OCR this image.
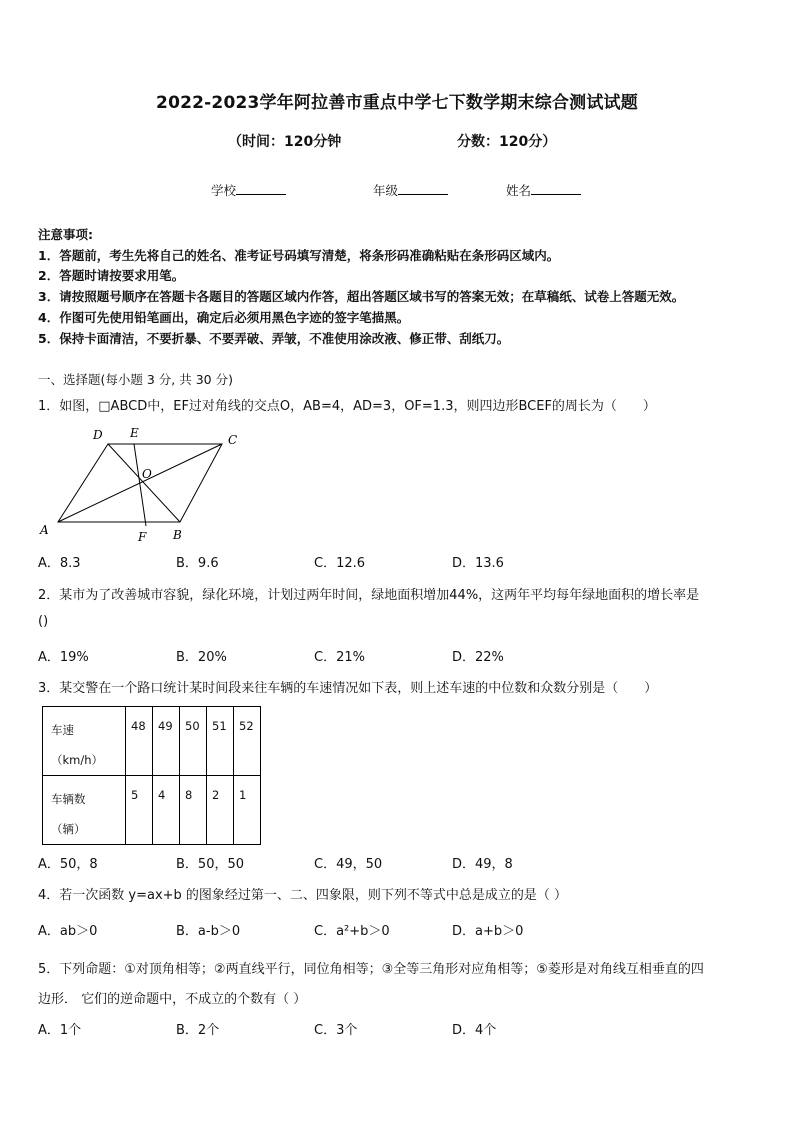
2022-2023学年阿拉善市重点中学七下数学期末综合测试试题
（时间：120分钟	分数：120分）
学校	年级	姓名
注意事项:
1．答题前，考生先将自己的姓名、准考证号码填写清楚，将条形码准确粘贴在条形码区域内。
2．答题时请按要求用笔。
3．请按照题号顺序在答题卡各题目的答题区域内作答，超出答题区域书写的答案无效；在草稿纸、试卷上答题无效。
4．作图可先使用铅笔画出，确定后必须用黑色字迹的签字笔描黑。
5．保持卡面清洁，不要折暴、不要弄破、弄皱，不准使用涂改液、修正带、刮纸刀。
一、选择题(每小题 3 分, 共 30 分)
1．如图，□ABCD中，EF过对角线的交点O，AB=4，AD=3，OF=1.3，则四边形BCEF的周长为（　　）
A	B
C
D E
F
O
A．8.3	B．9.6	C．12.6	D．13.6
2．某市为了改善城市容貌，绿化环境，计划过两年时间，绿地面积增加44%，这两年平均每年绿地面积的增长率是
()
A．19%	B．20%	C．21%	D．22%
3．某交警在一个路口统计某时间段来往车辆的车速情况如下表，则上述车速的中位数和众数分别是（　　）
车速
（km/h）	48	49	50	51	52

车辆数
（辆）	5	4	8	2	1
A．50，8	B．50，50	C．49，50	D．49，8
4．若一次函数 y=ax+b 的图象经过第一、二、四象限，则下列不等式中总是成立的是（ ）
A．ab＞0	B．a-b＞0	C．a²+b＞0	D．a+b＞0
5．下列命题：①对顶角相等；②两直线平行，同位角相等；③全等三角形对应角相等；⑤菱形是对角线互相垂直的四
边形． 它们的逆命题中，不成立的个数有（ ）
A．1个	B．2个	C．3个	D．4个
